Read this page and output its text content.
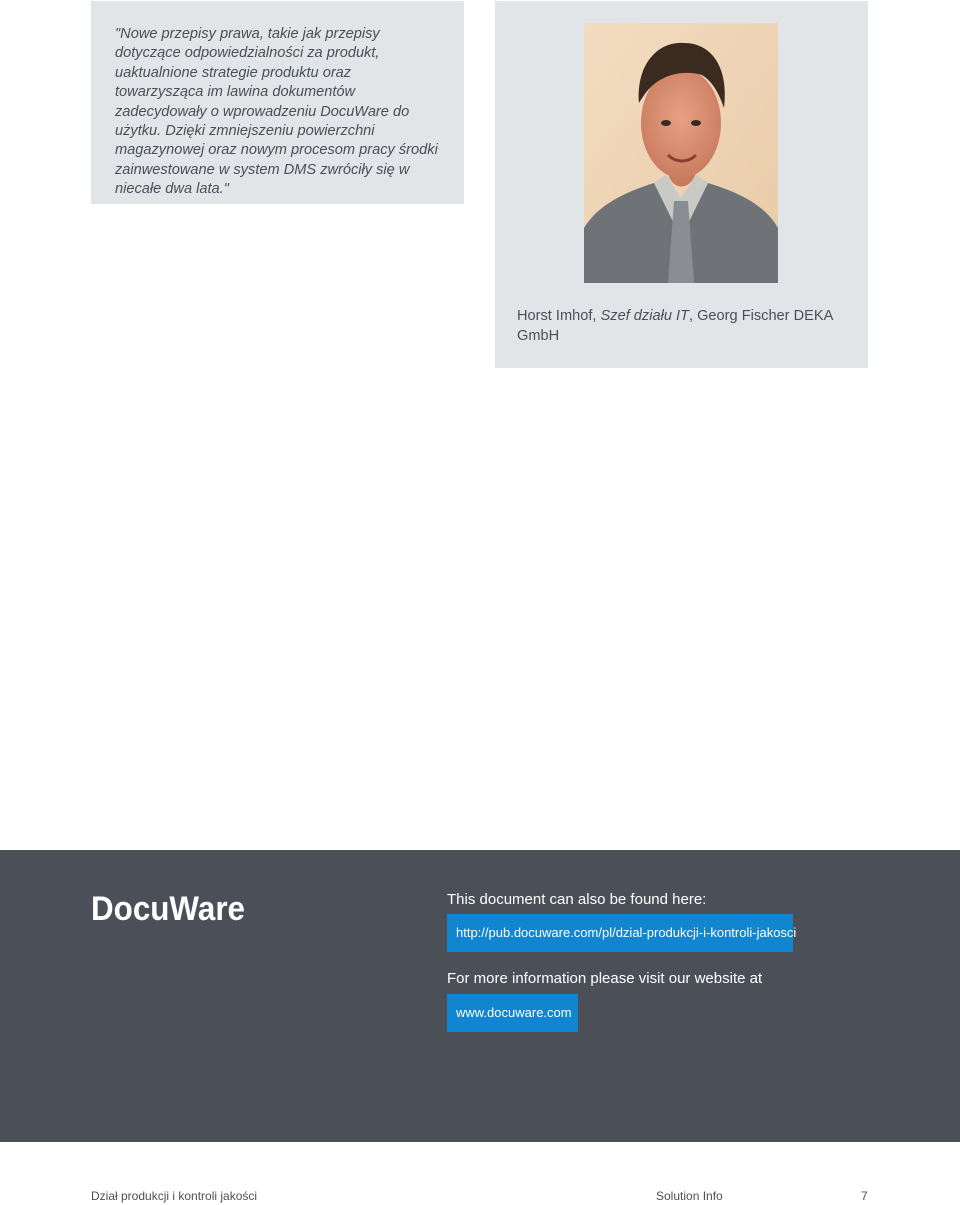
"Nowe przepisy prawa, takie jak przepisy dotyczące odpowiedzialności za produkt, uaktualnione strategie produktu oraz towarzysząca im lawina dokumentów zadecydowały o wprowadzeniu DocuWare do użytku. Dzięki zmniejszeniu powierzchni magazynowej oraz nowym procesom pracy środki zainwestowane w system DMS zwróciły się w niecałe dwa lata."

Horst Imhof, Szef działu IT, Georg Fischer DEKA GmbH

DocuWare	This document can also be found here:

http://pub.docuware.com/pl/dzial-produkcji-i-kontroli-jakosci

For more information please visit our website at

www.docuware.com

Dział produkcji i kontroli jakości	Solution Info	7
